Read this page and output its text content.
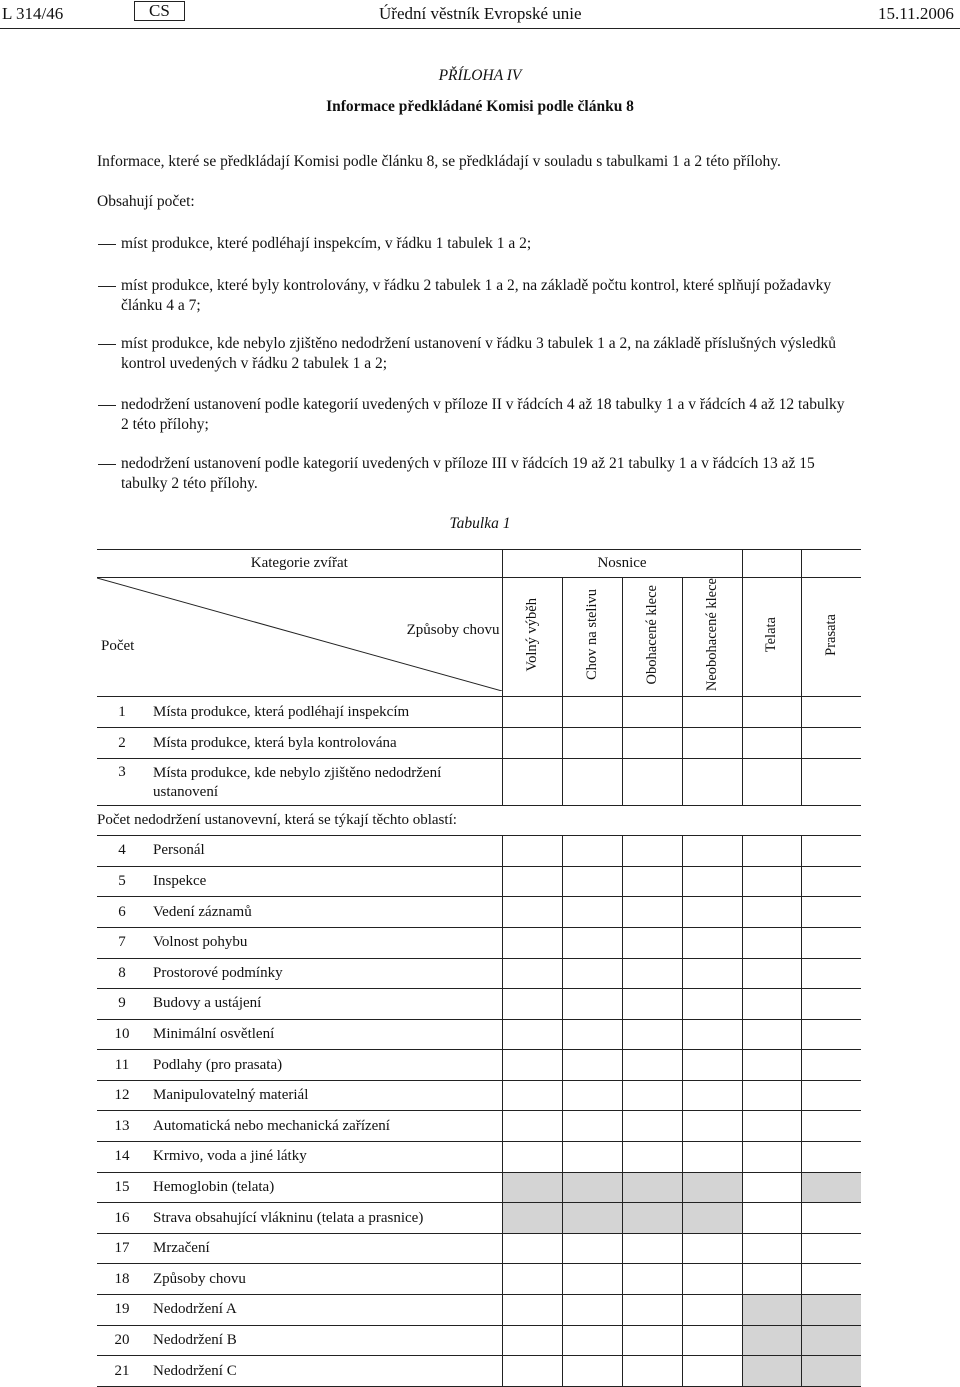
L 314/46	CS	Úřední věstník Evropské unie	15.11.2006
PŘÍLOHA IV
Informace předkládané Komisi podle článku 8
Informace, které se předkládají Komisi podle článku 8, se předkládají v souladu s tabulkami 1 a 2 této přílohy.
Obsahují počet:
míst produkce, které podléhají inspekcím, v řádku 1 tabulek 1 a 2;
míst produkce, které byly kontrolovány, v řádku 2 tabulek 1 a 2, na základě počtu kontrol, které splňují požadavky
článku 4 a 7;
míst produkce, kde nebylo zjištěno nedodržení ustanovení v řádku 3 tabulek 1 a 2, na základě příslušných výsledků
kontrol uvedených v řádku 2 tabulek 1 a 2;
nedodržení ustanovení podle kategorií uvedených v příloze II v řádcích 4 až 18 tabulky 1 a v řádcích 4 až 12 tabulky
2 této přílohy;
nedodržení ustanovení podle kategorií uvedených v příloze III v řádcích 19 až 21 tabulky 1 a v řádcích 13 až 15
tabulky 2 této přílohy.
Tabulka 1
Kategorie zvířat		Nosnice					

Počet
Způsoby chovu		Volný výběh	Chov na stelivu	Obohacené klece	Neobohacené klece	Telata	Prasata
1	Místa produkce, která podléhají inspekcím						
2	Místa produkce, která byla kontrolována						
3	Místa produkce, kde nebylo zjištěno nedodržení
ustanovení						

Počet nedodržení ustanovevní, která se týkají těchto oblastí:							
4	Personál						
5	Inspekce						
6	Vedení záznamů						
7	Volnost pohybu						
8	Prostorové podmínky						
9	Budovy a ustájení						
10	Minimální osvětlení						
11	Podlahy (pro prasata)						
12	Manipulovatelný materiál						
13	Automatická nebo mechanická zařízení						
14	Krmivo, voda a jiné látky						
15	Hemoglobin (telata)						
16	Strava obsahující vlákninu (telata a prasnice)						
17	Mrzačení						
18	Způsoby chovu						
19	Nedodržení A						
20	Nedodržení B						
21	Nedodržení C						
